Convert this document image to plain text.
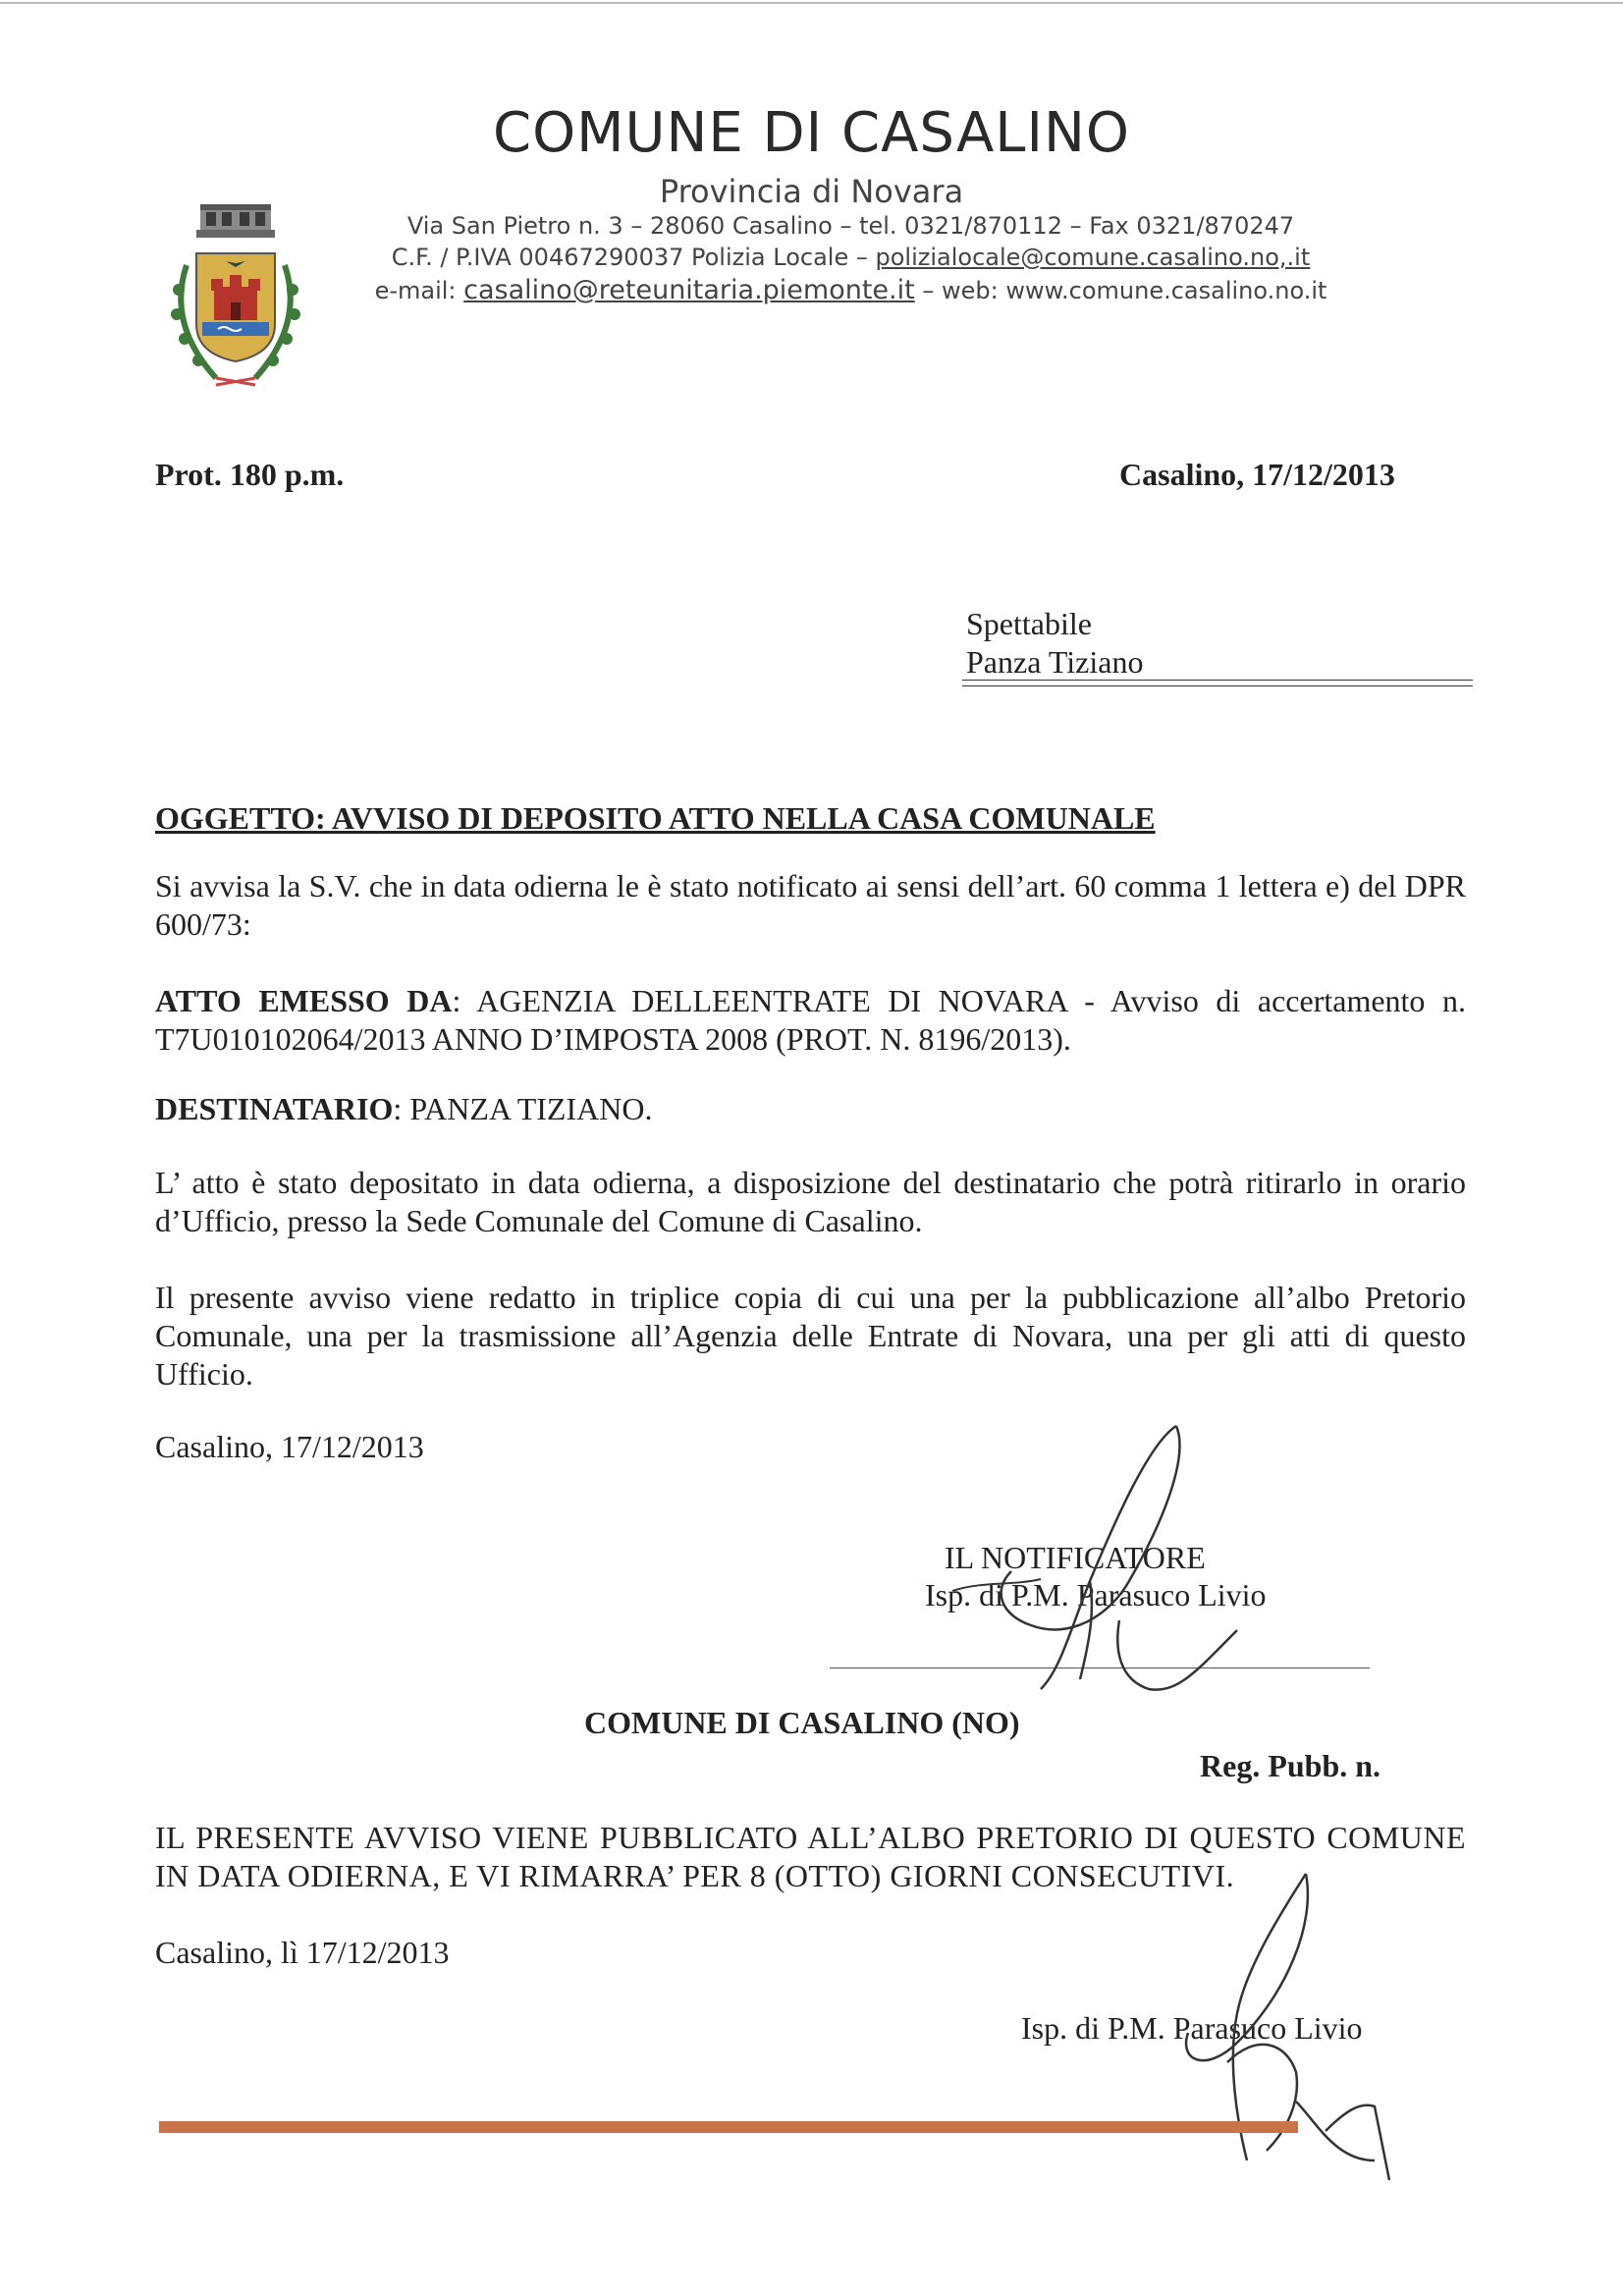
COMUNE DI CASALINO
Provincia di Novara
Via San Pietro n. 3 – 28060 Casalino – tel. 0321/870112 – Fax 0321/870247
C.F. / P.IVA 00467290037 Polizia Locale – polizialocale@comune.casalino.no,.it
e-mail: casalino@reteunitaria.piemonte.it – web: www.comune.casalino.no.it
Prot. 180 p.m.	Casalino, 17/12/2013
Spettabile
Panza Tiziano
OGGETTO: AVVISO DI DEPOSITO ATTO NELLA CASA COMUNALE
Si avvisa la S.V. che in data odierna le è stato notificato ai sensi dell’art. 60 comma 1 lettera e) del DPR 600/73:
ATTO EMESSO DA: AGENZIA DELLEENTRATE DI NOVARA - Avviso di accertamento n. T7U010102064/2013 ANNO D’IMPOSTA 2008 (PROT. N. 8196/2013).
DESTINATARIO: PANZA TIZIANO.
L’ atto è stato depositato in data odierna, a disposizione del destinatario che potrà ritirarlo in orario d’Ufficio, presso la Sede Comunale del Comune di Casalino.
Il presente avviso viene redatto in triplice copia di cui una per la pubblicazione all’albo Pretorio Comunale, una per la trasmissione all’Agenzia delle Entrate di Novara, una per gli atti di questo Ufficio.
Casalino, 17/12/2013
IL NOTIFICATORE
Isp. di P.M. Parasuco Livio
COMUNE DI CASALINO (NO)
Reg. Pubb. n.
IL PRESENTE AVVISO VIENE PUBBLICATO ALL’ALBO PRETORIO DI QUESTO COMUNE IN DATA ODIERNA, E VI RIMARRA’ PER 8 (OTTO) GIORNI CONSECUTIVI.
Casalino, lì 17/12/2013
Isp. di P.M. Parasuco Livio
